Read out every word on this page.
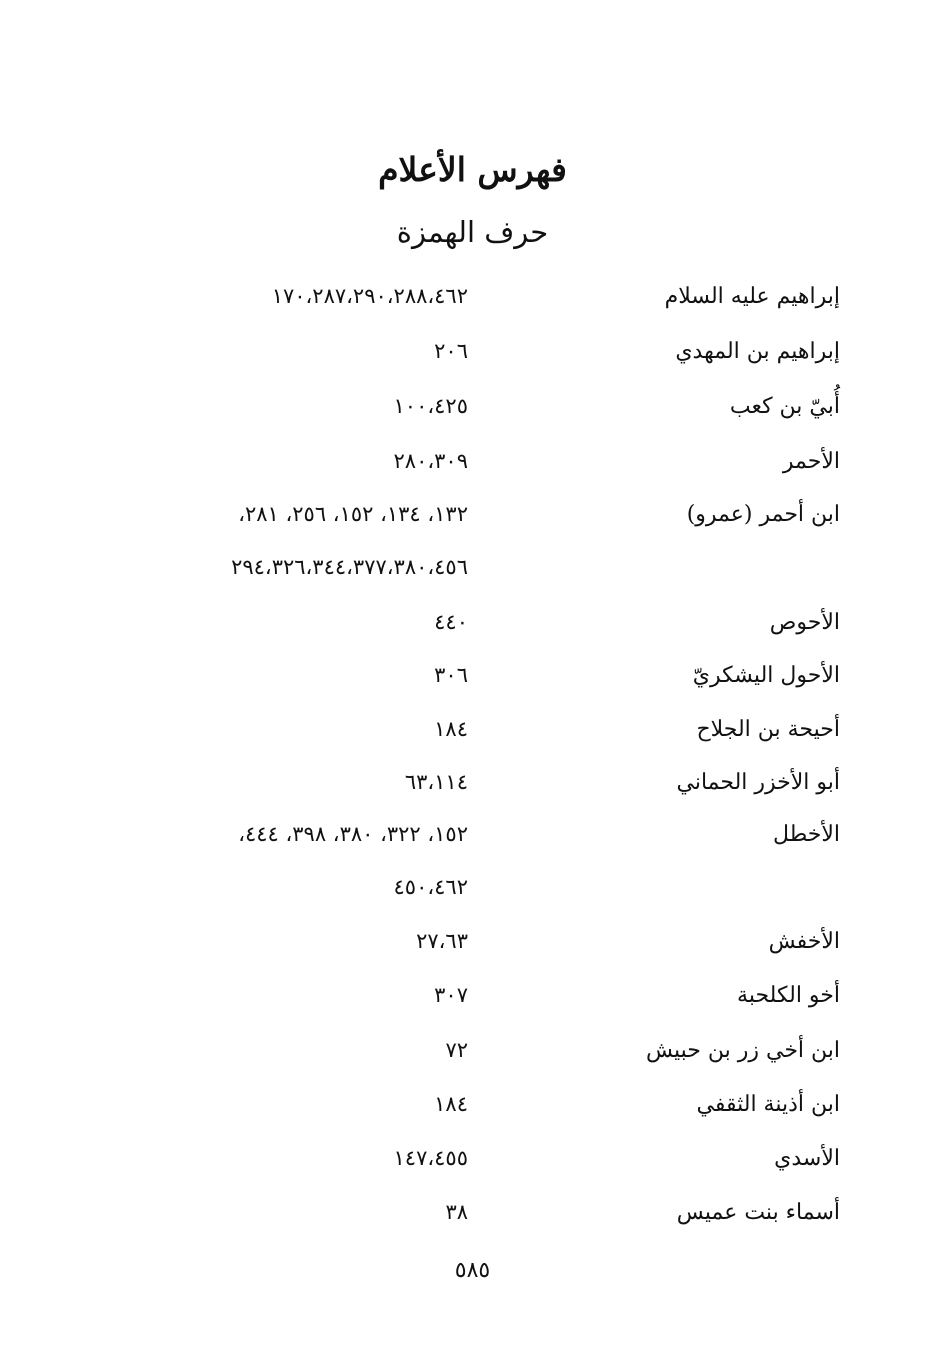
فهرس الأعلام
حرف الهمزة
إبراهيم عليه السلام
١٧٠،٢٨٧،٢٩٠،٢٨٨،٤٦٢
إبراهيم بن المهدي
٢٠٦
أُبيّ بن كعب
١٠٠،٤٢٥
الأحمر
٢٨٠،٣٠٩
ابن أحمر (عمرو)
١٣٢، ١٣٤، ١٥٢، ٢٥٦، ٢٨١،
٢٩٤،٣٢٦،٣٤٤،٣٧٧،٣٨٠،٤٥٦
الأحوص
٤٤٠
الأحول اليشكريّ
٣٠٦
أحيحة بن الجلاح
١٨٤
أبو الأخزر الحماني
٦٣،١١٤
الأخطل
١٥٢، ٣٢٢، ٣٨٠، ٣٩٨، ٤٤٤،
٤٥٠،٤٦٢
الأخفش
٢٧،٦٣
أخو الكلحبة
٣٠٧
ابن أخي زر بن حبيش
٧٢
ابن أذينة الثقفي
١٨٤
الأسدي
١٤٧،٤٥٥
أسماء بنت عميس
٣٨
٥٨٥
